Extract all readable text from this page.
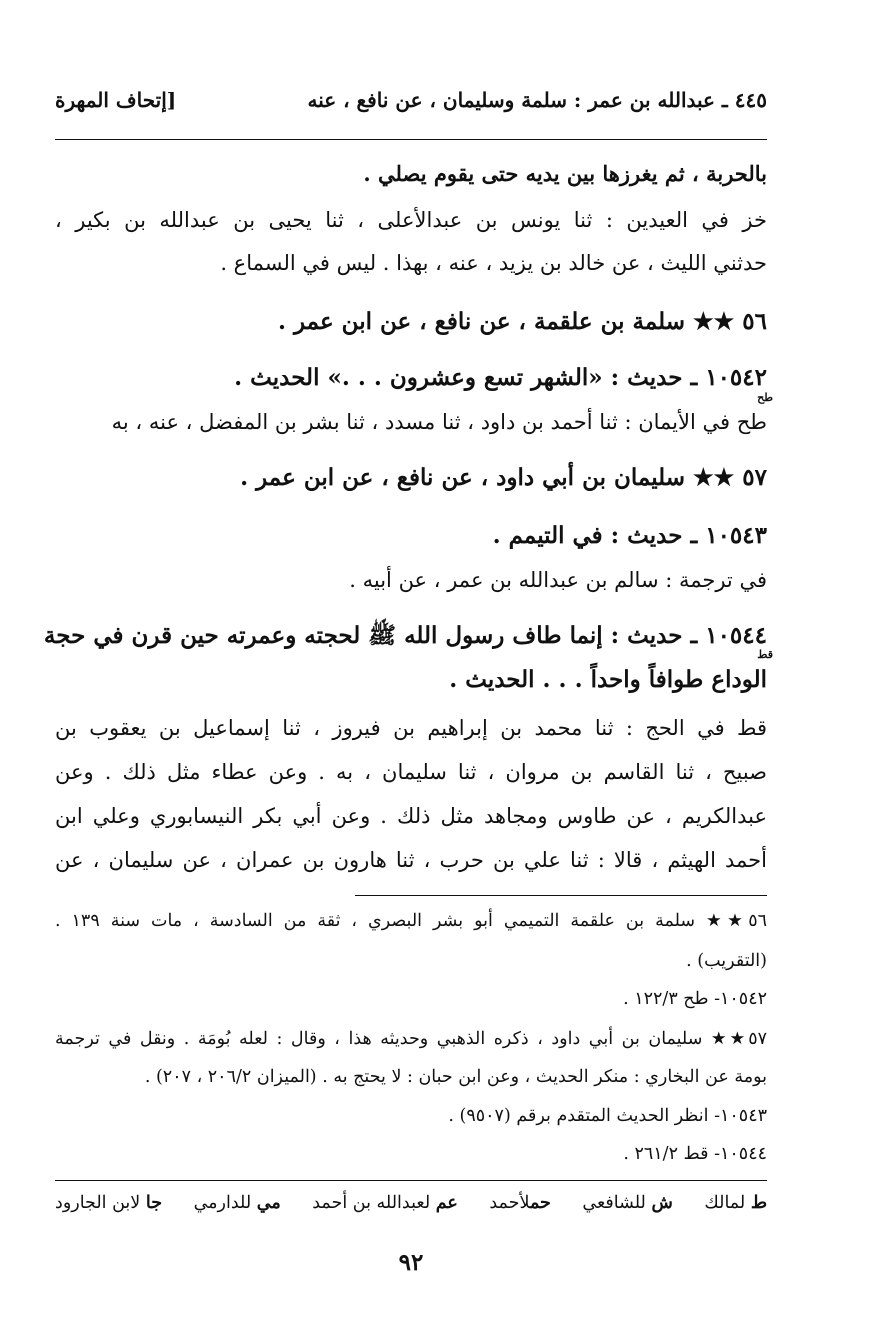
٤٤٥ ـ عبدالله بن عمر : سلمة وسليمان ، عن نافع ، عنه
[إتحاف المهرة
بالحربة ، ثم يغرزها بين يديه حتى يقوم يصلي .
خز في العيدين : ثنا يونس بن عبدالأعلى ، ثنا يحيى بن عبدالله بن بكير ،
حدثني الليث ، عن خالد بن يزيد ، عنه ، بهذا . ليس في السماع .
٥٦ ★★ سلمة بن علقمة ، عن نافع ، عن ابن عمر .
١٠٥٤٢ ـ حديث : «الشهر تسع وعشرون . . .» الحديث .
طح
طح في الأيمان : ثنا أحمد بن داود ، ثنا مسدد ، ثنا بشر بن المفضل ، عنه ، به
٥٧ ★★ سليمان بن أبي داود ، عن نافع ، عن ابن عمر .
١٠٥٤٣ ـ حديث : في التيمم .
في ترجمة : سالم بن عبدالله بن عمر ، عن أبيه .
١٠٥٤٤ ـ حديث : إنما طاف رسول الله ﷺ لحجته وعمرته حين قرن في حجة
قط
الوداع طوافاً واحداً . . . الحديث .
قط في الحج : ثنا محمد بن إبراهيم بن فيروز ، ثنا إسماعيل بن يعقوب بن
صبيح ، ثنا القاسم بن مروان ، ثنا سليمان ، به . وعن عطاء مثل ذلك . وعن
عبدالكريم ، عن طاوس ومجاهد مثل ذلك . وعن أبي بكر النيسابوري وعلي ابن
أحمد الهيثم ، قالا : ثنا علي بن حرب ، ثنا هارون بن عمران ، عن سليمان ، عن
٥٦★★ سلمة بن علقمة التميمي أبو بشر البصري ، ثقة من السادسة ، مات سنة ١٣٩ .
(التقريب) .
١٠٥٤٢- طح ١٢٢/٣ .
٥٧★★ سليمان بن أبي داود ، ذكره الذهبي وحديثه هذا ، وقال : لعله بُومَة . ونقل في ترجمة
بومة عن البخاري : منكر الحديث ، وعن ابن حبان : لا يحتج به . (الميزان ٢٠٦/٢ ، ٢٠٧) .
١٠٥٤٣- انظر الحديث المتقدم برقم (٩٥٠٧) .
١٠٥٤٤- قط ٢٦١/٢ .
ط لمالك
ش للشافعي
حملأحمد
عم لعبدالله بن أحمد
مي للدارمي
جا لابن الجارود
٩٢
